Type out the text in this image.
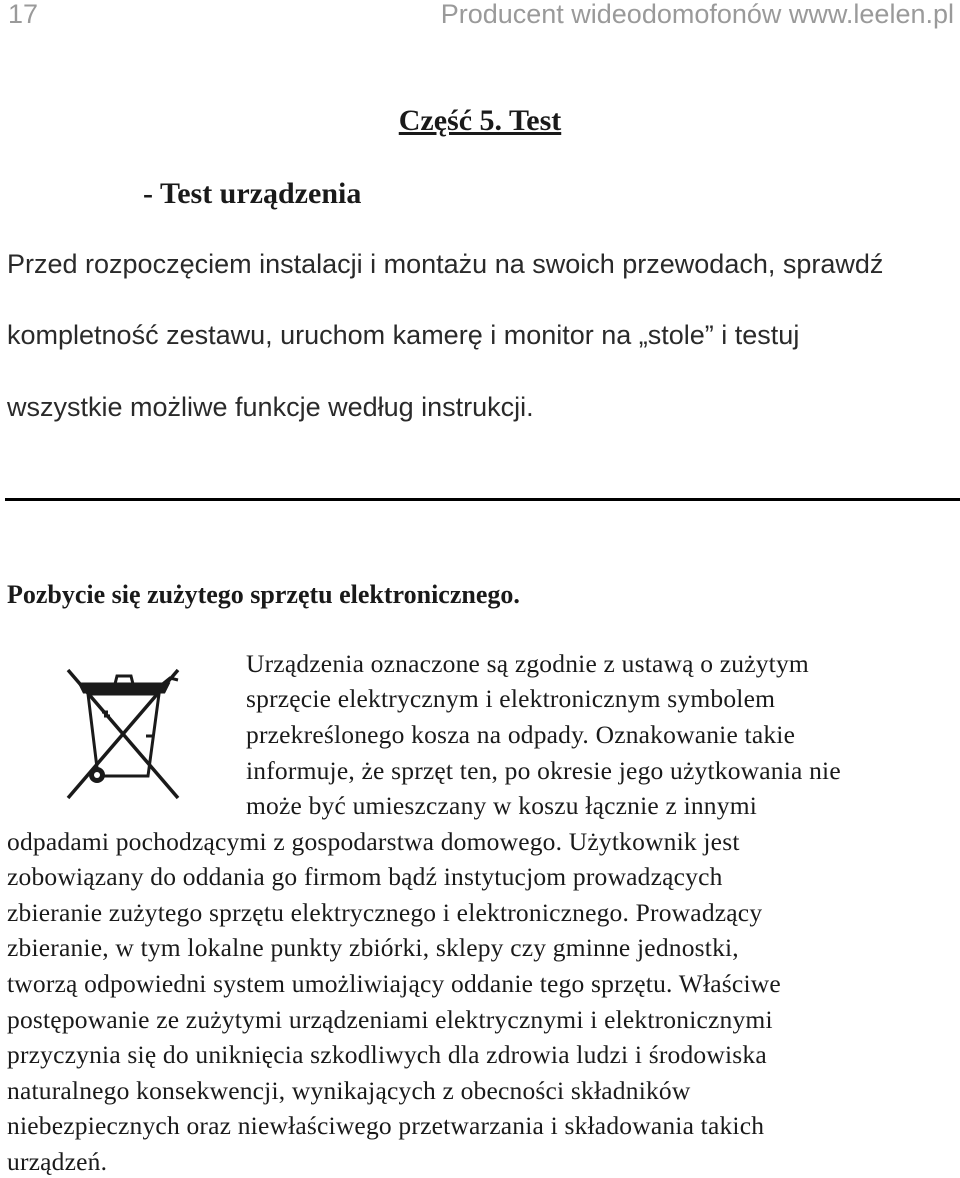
17	Producent wideodomofonów www.leelen.pl
Część 5. Test
- Test urządzenia
Przed rozpoczęciem instalacji i montażu na swoich przewodach, sprawdź
kompletność zestawu, uruchom kamerę i monitor na „stole” i testuj
wszystkie możliwe funkcje według instrukcji.
Pozbycie się zużytego sprzętu elektronicznego.
Urządzenia oznaczone są zgodnie z ustawą o zużytym
sprzęcie elektrycznym i elektronicznym symbolem
przekreślonego kosza na odpady. Oznakowanie takie
informuje, że sprzęt ten, po okresie jego użytkowania nie
może być umieszczany w koszu łącznie z innymi
odpadami pochodzącymi z gospodarstwa domowego. Użytkownik jest
zobowiązany do oddania go firmom bądź instytucjom prowadzących
zbieranie zużytego sprzętu elektrycznego i elektronicznego. Prowadzący
zbieranie, w tym lokalne punkty zbiórki, sklepy czy gminne jednostki,
tworzą odpowiedni system umożliwiający oddanie tego sprzętu. Właściwe
postępowanie ze zużytymi urządzeniami elektrycznymi i elektronicznymi
przyczynia się do uniknięcia szkodliwych dla zdrowia ludzi i środowiska
naturalnego konsekwencji, wynikających z obecności składników
niebezpiecznych oraz niewłaściwego przetwarzania i składowania takich
urządzeń.
